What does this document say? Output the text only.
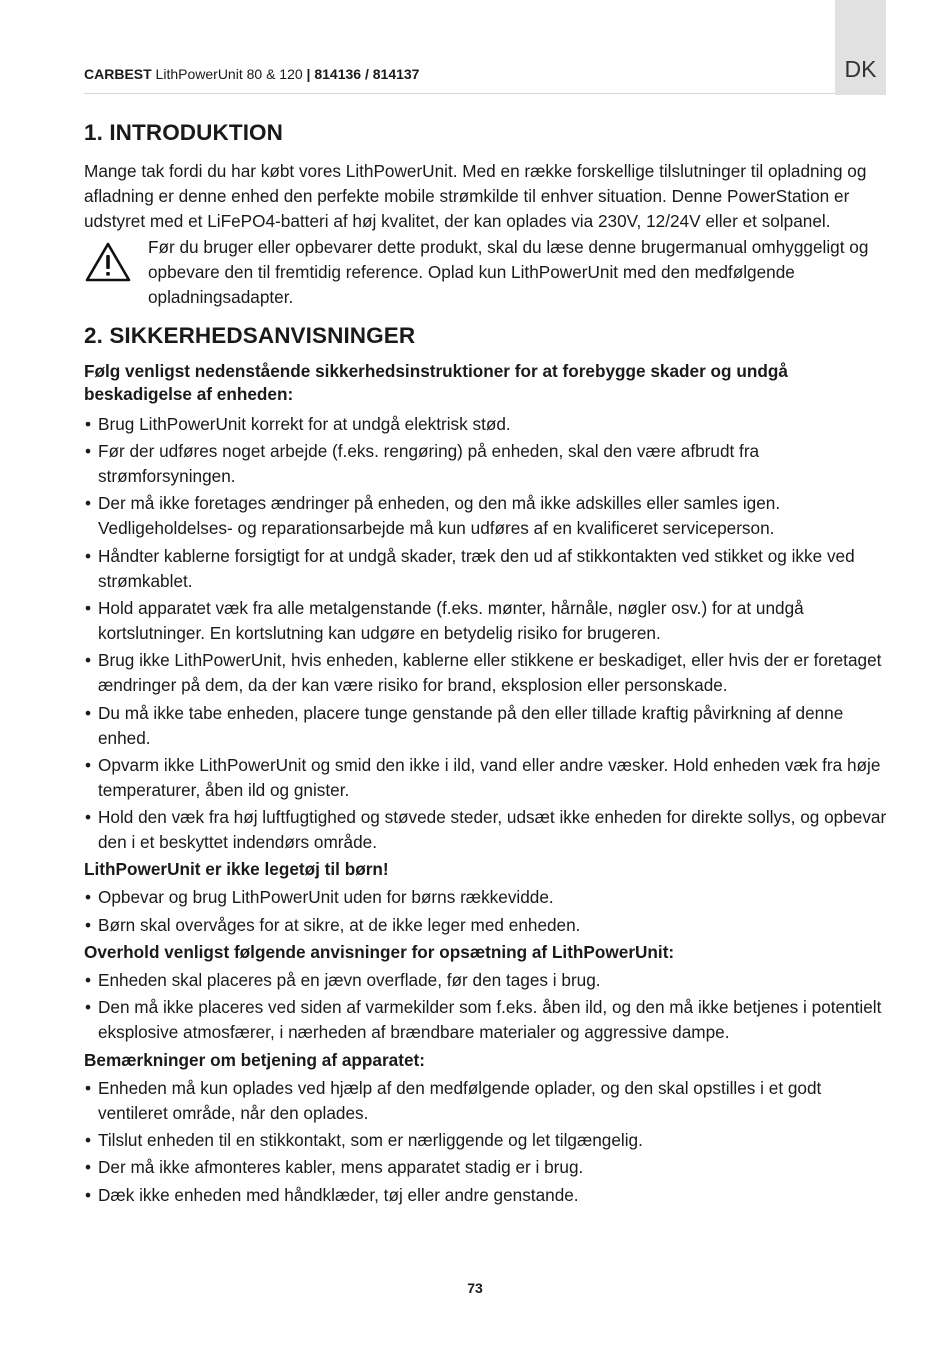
CARBEST LithPowerUnit 80 & 120 | 814136 / 814137	DK
1. INTRODUKTION

Mange tak fordi du har købt vores LithPowerUnit. Med en række forskellige tilslutninger til opladning og afladning er denne enhed den perfekte mobile strømkilde til enhver situation. Denne PowerStation er udstyret med et LiFePO4-batteri af høj kvalitet, der kan oplades via 230V, 12/24V eller et solpanel.

Før du bruger eller opbevarer dette produkt, skal du læse denne brugermanual omhyggeligt og opbevare den til fremtidig reference. Oplad kun LithPowerUnit med den medfølgende opladningsadapter.

2. SIKKERHEDSANVISNINGER

Følg venligst nedenstående sikkerhedsinstruktioner for at forebygge skader og undgå beskadigelse af enheden:

• Brug LithPowerUnit korrekt for at undgå elektrisk stød.
• Før der udføres noget arbejde (f.eks. rengøring) på enheden, skal den være afbrudt fra strømforsyningen.
• Der må ikke foretages ændringer på enheden, og den må ikke adskilles eller samles igen. Vedligeholdelses- og reparationsarbejde må kun udføres af en kvalificeret serviceperson.
• Håndter kablerne forsigtigt for at undgå skader, træk den ud af stikkontakten ved stikket og ikke ved strømkablet.
• Hold apparatet væk fra alle metalgenstande (f.eks. mønter, hårnåle, nøgler osv.) for at undgå kortslutninger. En kortslutning kan udgøre en betydelig risiko for brugeren.
• Brug ikke LithPowerUnit, hvis enheden, kablerne eller stikkene er beskadiget, eller hvis der er foretaget ændringer på dem, da der kan være risiko for brand, eksplosion eller personskade.
• Du må ikke tabe enheden, placere tunge genstande på den eller tillade kraftig påvirkning af denne enhed.
• Opvarm ikke LithPowerUnit og smid den ikke i ild, vand eller andre væsker. Hold enheden væk fra høje temperaturer, åben ild og gnister.
• Hold den væk fra høj luftfugtighed og støvede steder, udsæt ikke enheden for direkte sollys, og opbevar den i et beskyttet indendørs område.

LithPowerUnit er ikke legetøj til børn!

• Opbevar og brug LithPowerUnit uden for børns rækkevidde.
• Børn skal overvåges for at sikre, at de ikke leger med enheden.

Overhold venligst følgende anvisninger for opsætning af LithPowerUnit:

• Enheden skal placeres på en jævn overflade, før den tages i brug.
• Den må ikke placeres ved siden af varmekilder som f.eks. åben ild, og den må ikke betjenes i potentielt eksplosive atmosfærer, i nærheden af brændbare materialer og aggressive dampe.

Bemærkninger om betjening af apparatet:

• Enheden må kun oplades ved hjælp af den medfølgende oplader, og den skal opstilles i et godt ventileret område, når den oplades.
• Tilslut enheden til en stikkontakt, som er nærliggende og let tilgængelig.
• Der må ikke afmonteres kabler, mens apparatet stadig er i brug.
• Dæk ikke enheden med håndklæder, tøj eller andre genstande.
73
